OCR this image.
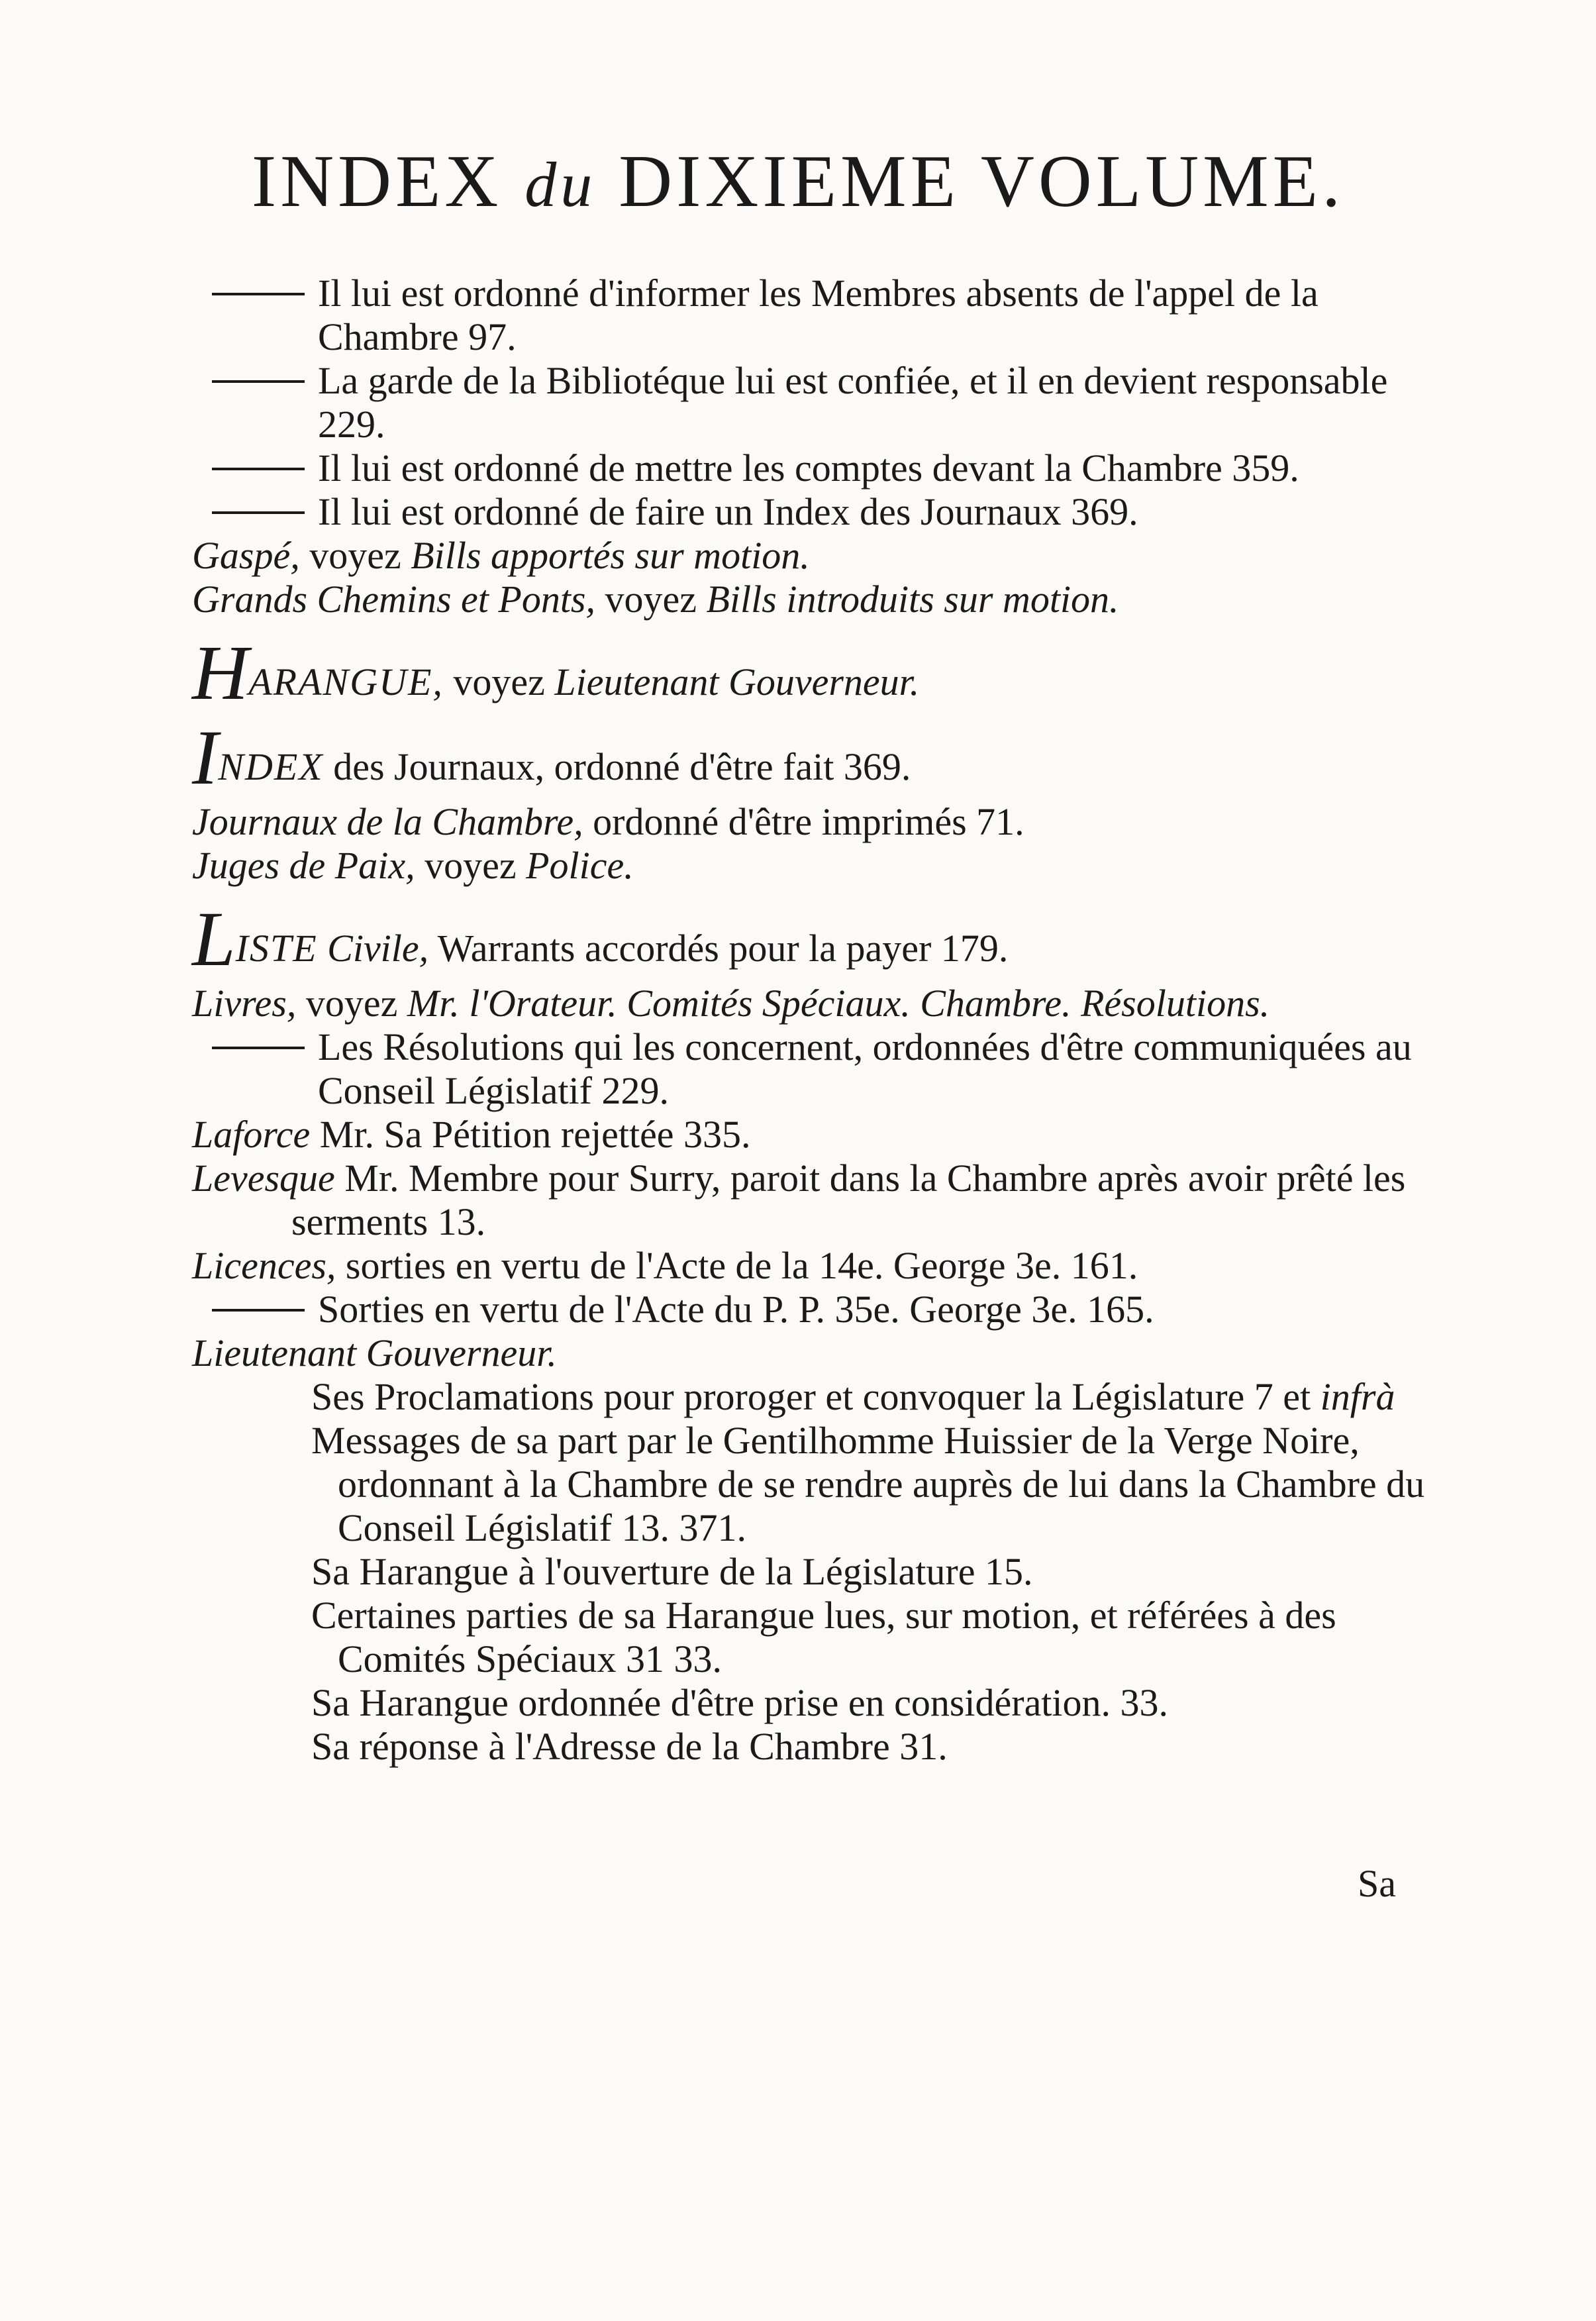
INDEX du DIXIEME VOLUME.

Il lui est ordonné d'informer les Membres absents de l'appel de la Chambre 97.

La garde de la Bibliotéque lui est confiée, et il en devient responsable 229.

Il lui est ordonné de mettre les comptes devant la Chambre 359.

Il lui est ordonné de faire un Index des Journaux 369.

Gaspé, voyez Bills apportés sur motion.

Grands Chemins et Ponts, voyez Bills introduits sur motion.

HARANGUE, voyez Lieutenant Gouverneur.

INDEX des Journaux, ordonné d'être fait 369.

Journaux de la Chambre, ordonné d'être imprimés 71.

Juges de Paix, voyez Police.

LISTE Civile, Warrants accordés pour la payer 179.

Livres, voyez Mr. l'Orateur. Comités Spéciaux. Chambre. Résolutions.

Les Résolutions qui les concernent, ordonnées d'être communiquées au Conseil Législatif 229.

Laforce Mr. Sa Pétition rejettée 335.

Levesque Mr. Membre pour Surry, paroit dans la Chambre après avoir prêté les serments 13.

Licences, sorties en vertu de l'Acte de la 14e. George 3e. 161.

Sorties en vertu de l'Acte du P. P. 35e. George 3e. 165.

Lieutenant Gouverneur.

Ses Proclamations pour proroger et convoquer la Législature 7 et infrà

Messages de sa part par le Gentilhomme Huissier de la Verge Noire, ordonnant à la Chambre de se rendre auprès de lui dans la Chambre du Conseil Législatif 13. 371.

Sa Harangue à l'ouverture de la Législature 15.

Certaines parties de sa Harangue lues, sur motion, et référées à des Comités Spéciaux 31 33.

Sa Harangue ordonnée d'être prise en considération. 33.

Sa réponse à l'Adresse de la Chambre 31.

Sa
